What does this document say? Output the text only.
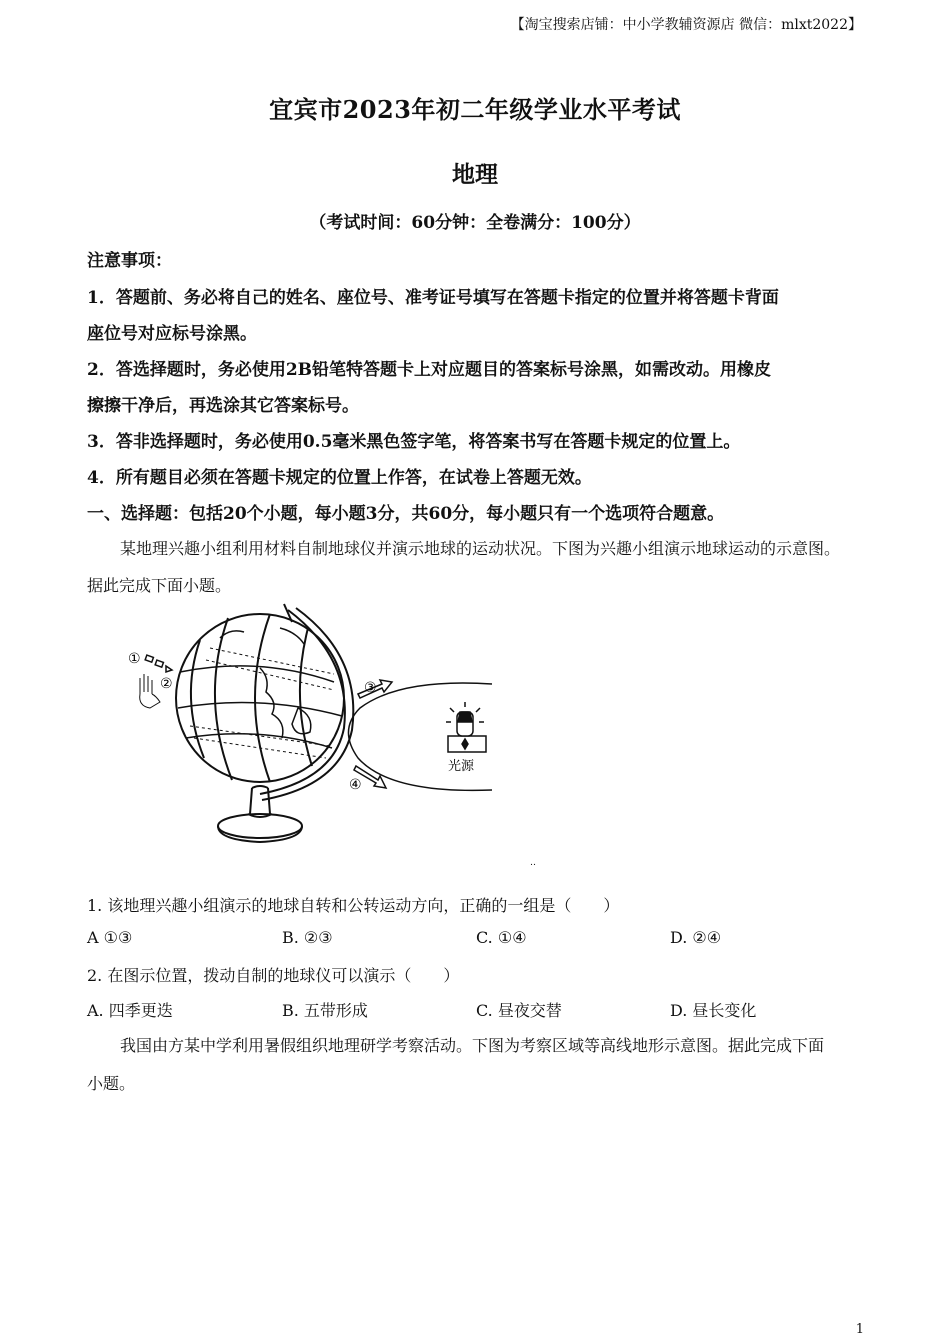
【淘宝搜索店铺：中小学教辅资源店 微信：mlxt2022】
宜宾市2023年初二年级学业水平考试
地理
（考试时间：60分钟：全卷满分：100分）
注意事项：
1．答题前、务必将自己的姓名、座位号、准考证号填写在答题卡指定的位置并将答题卡背面
座位号对应标号涂黑。
2．答选择题时，务必使用2B铅笔特答题卡上对应题目的答案标号涂黑，如需改动。用橡皮
擦擦干净后，再选涂其它答案标号。
3．答非选择题时，务必使用0.5毫米黑色签字笔，将答案书写在答题卡规定的位置上。
4．所有题目必须在答题卡规定的位置上作答，在试卷上答题无效。
一、选择题：包括20个小题，每小题3分，共60分，每小题只有一个选项符合题意。
某地理兴趣小组利用材料自制地球仪并演示地球的运动状况。下图为兴趣小组演示地球运动的示意图。
据此完成下面小题。
①
②	③
④
光源
‥
1. 该地理兴趣小组演示的地球自转和公转运动方向，正确的一组是（　　）
A ①③	B. ②③	C. ①④	D. ②④
2. 在图示位置，拨动自制的地球仪可以演示（　　）
A. 四季更迭	B. 五带形成	C. 昼夜交替	D. 昼长变化
我国由方某中学利用暑假组织地理研学考察活动。下图为考察区域等高线地形示意图。据此完成下面
小题。
1
